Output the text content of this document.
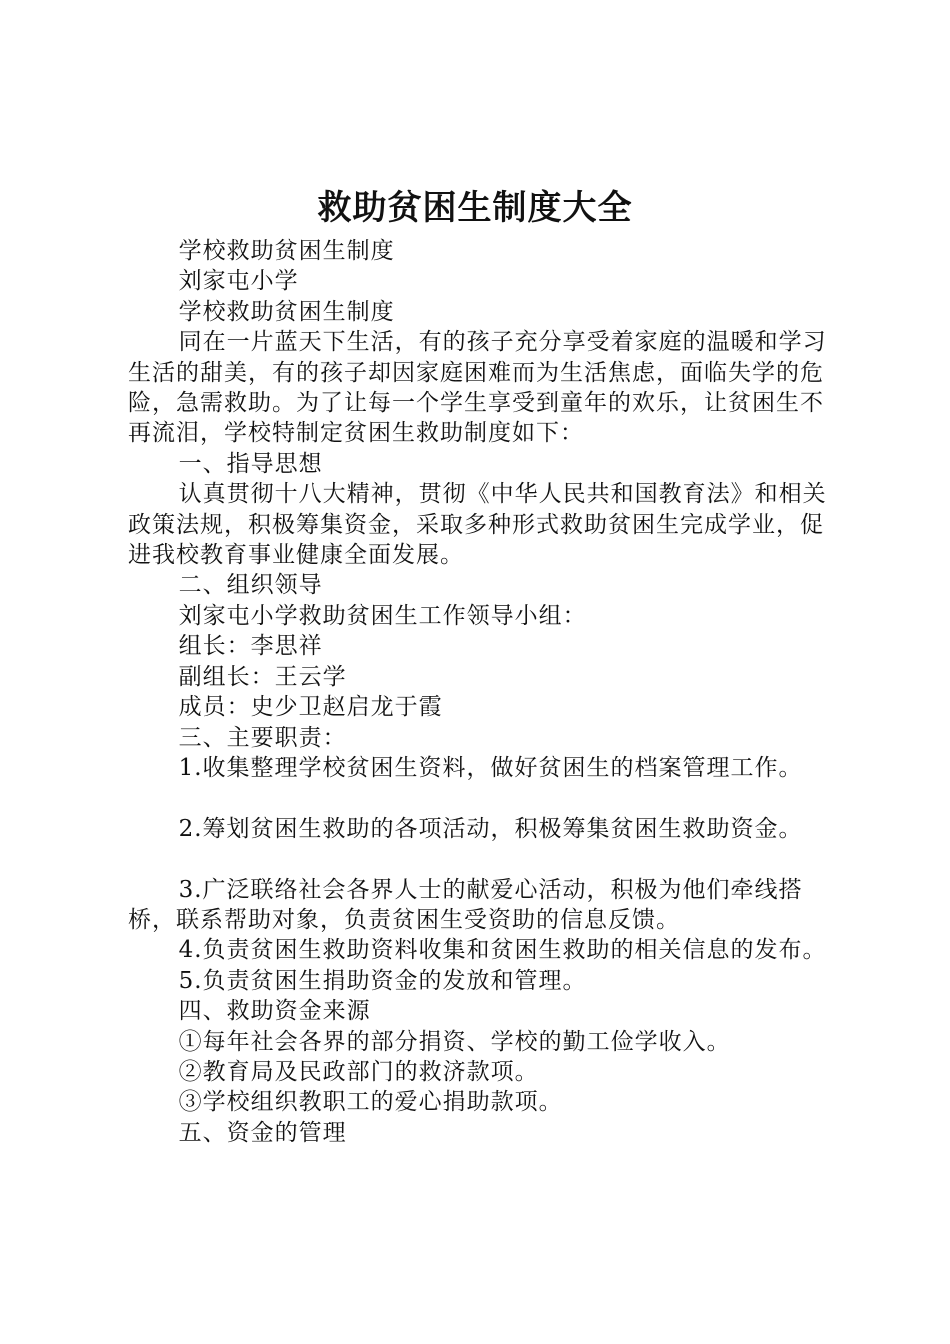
救助贫困生制度大全

学校救助贫困生制度

刘家屯小学

学校救助贫困生制度

同在一片蓝天下生活，有的孩子充分享受着家庭的温暖和学习生活的甜美，有的孩子却因家庭困难而为生活焦虑，面临失学的危险，急需救助。为了让每一个学生享受到童年的欢乐，让贫困生不再流泪，学校特制定贫困生救助制度如下：

一、指导思想

认真贯彻十八大精神，贯彻《中华人民共和国教育法》和相关政策法规，积极筹集资金，采取多种形式救助贫困生完成学业，促进我校教育事业健康全面发展。

二、组织领导

刘家屯小学救助贫困生工作领导小组：

组长：李思祥

副组长：王云学

成员：史少卫赵启龙于霞

三、主要职责：

1.收集整理学校贫困生资料，做好贫困生的档案管理工作。

2.筹划贫困生救助的各项活动，积极筹集贫困生救助资金。

3.广泛联络社会各界人士的献爱心活动，积极为他们牵线搭桥，联系帮助对象，负责贫困生受资助的信息反馈。

4.负责贫困生救助资料收集和贫困生救助的相关信息的发布。

5.负责贫困生捐助资金的发放和管理。

四、救助资金来源

①每年社会各界的部分捐资、学校的勤工俭学收入。

②教育局及民政部门的救济款项。

③学校组织教职工的爱心捐助款项。

五、资金的管理
